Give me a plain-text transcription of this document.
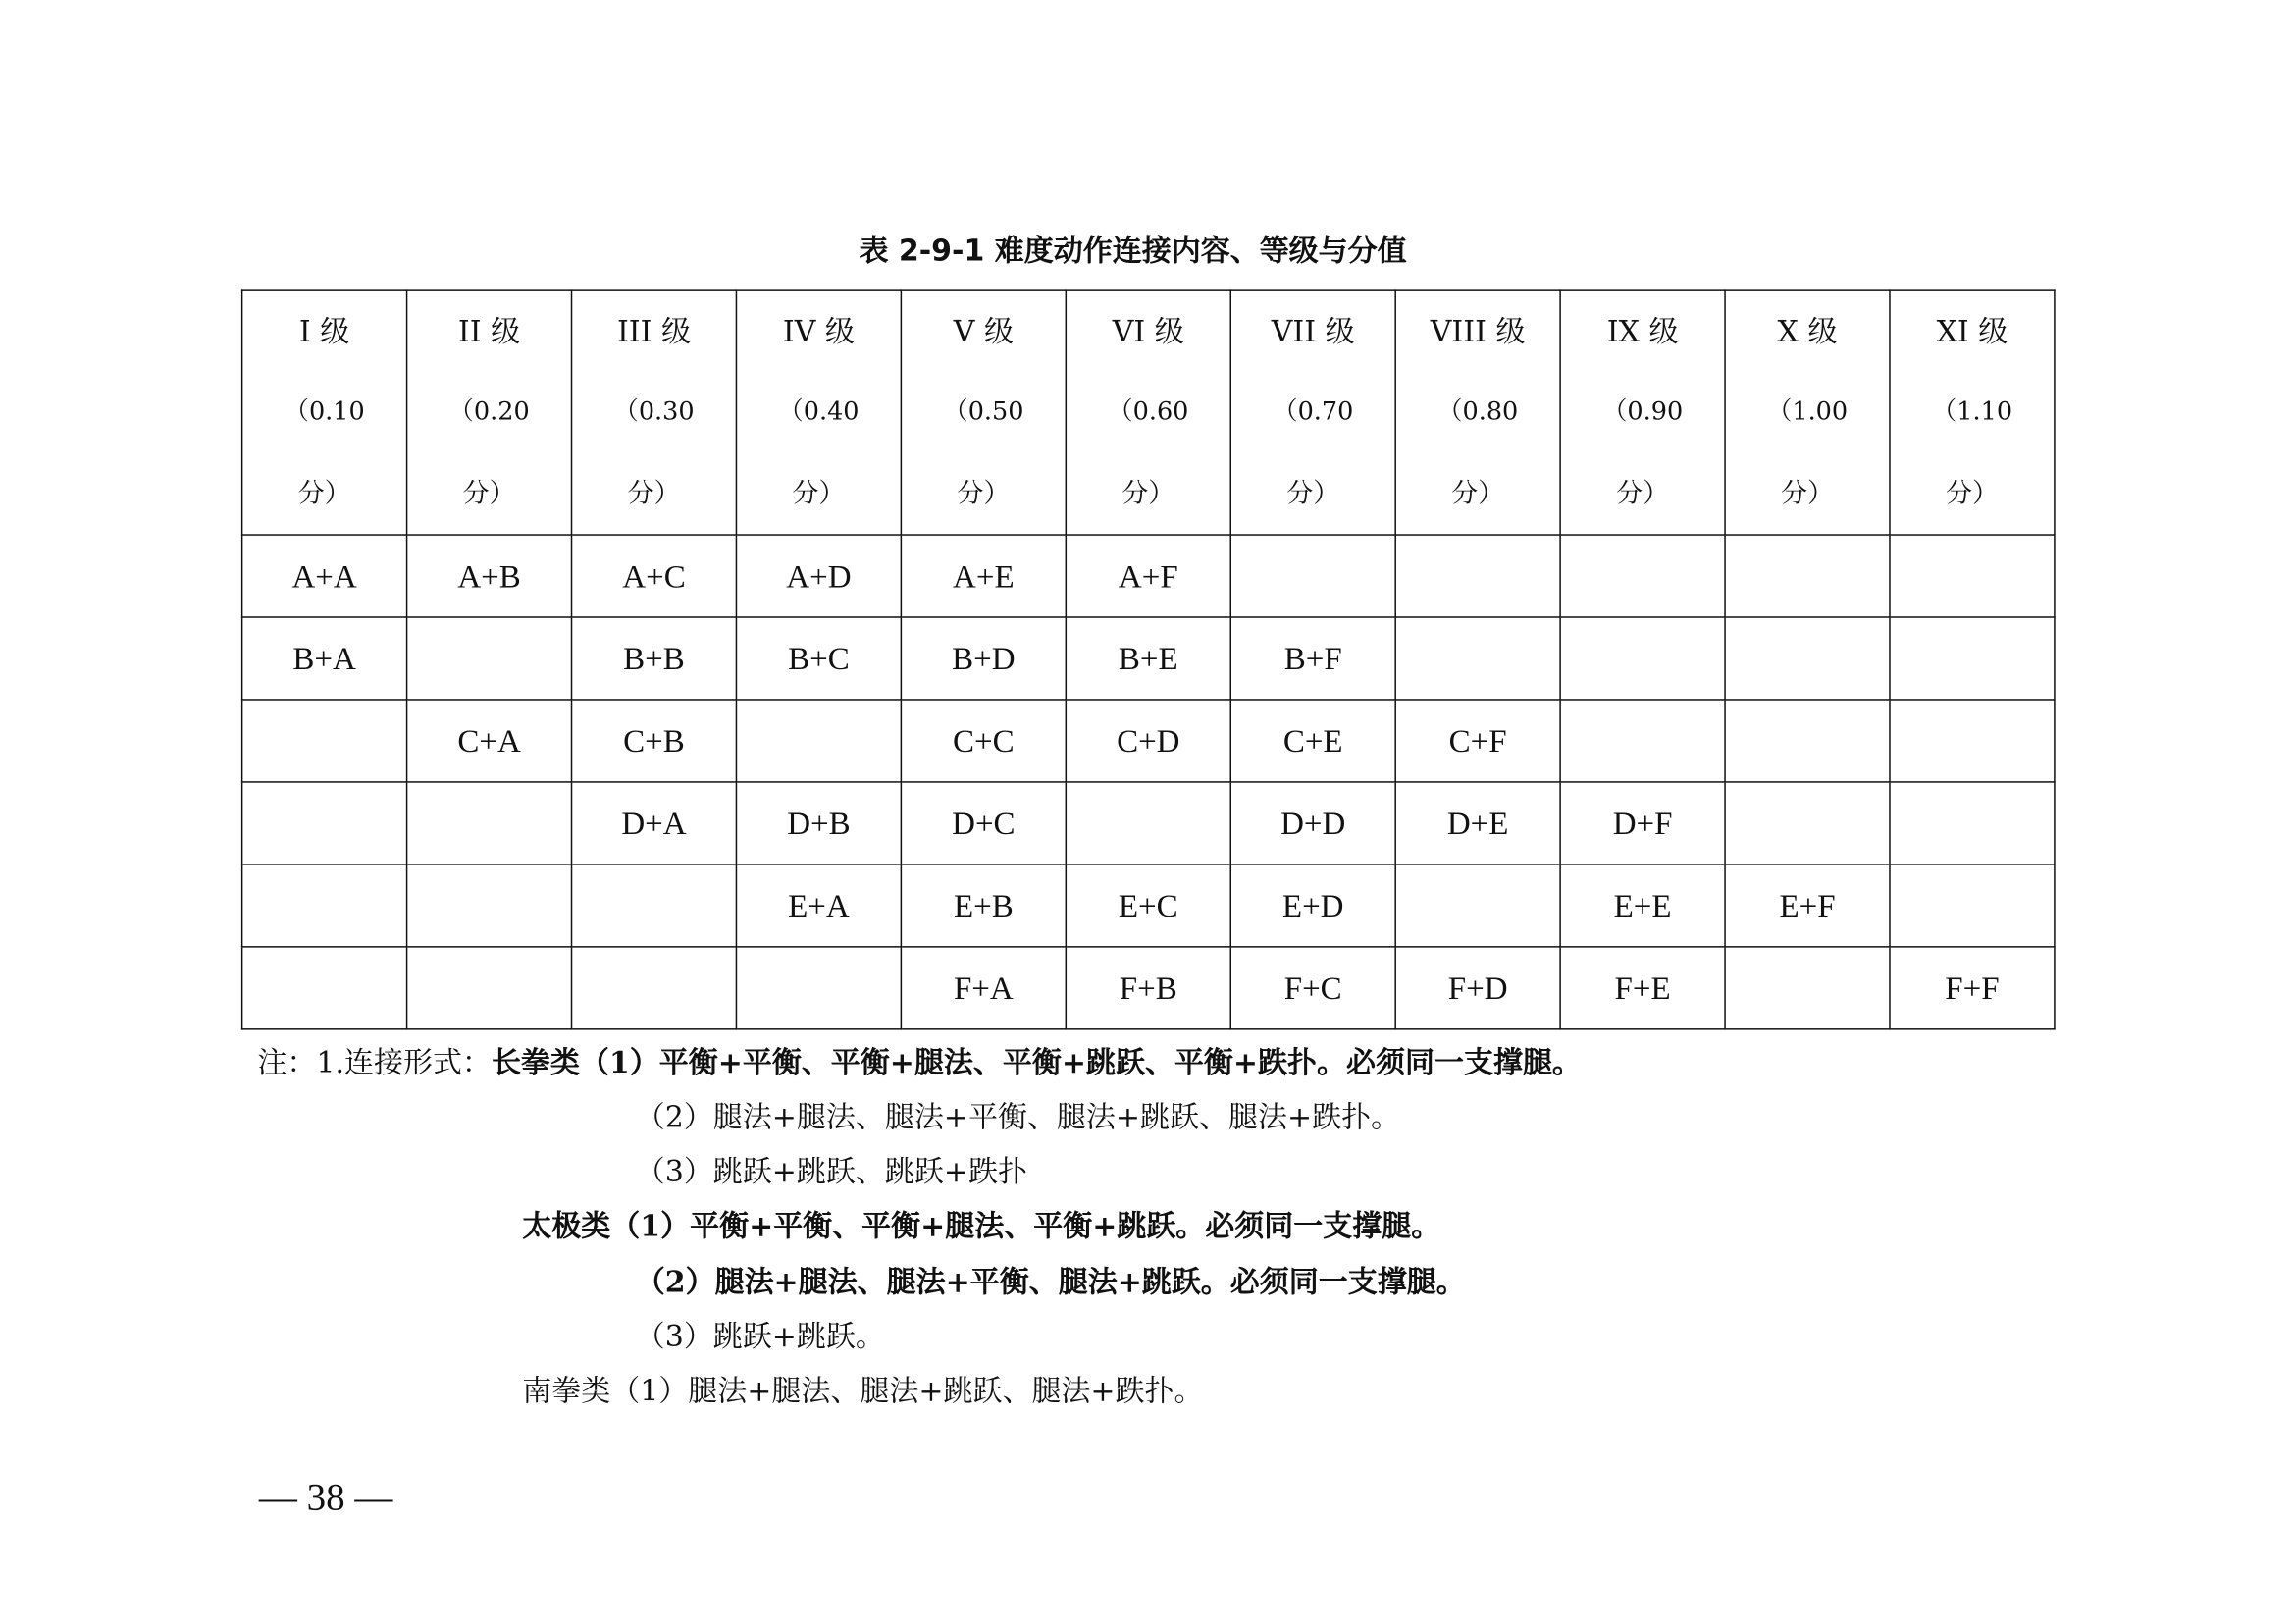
表 2-9-1 难度动作连接内容、等级与分值
I 级
（0.10
分）	II 级
（0.20
分）	III 级
（0.30
分）	IV 级
（0.40
分）	V 级
（0.50
分）	VI 级
（0.60
分）	VII 级
（0.70
分）	VIII 级
（0.80
分）	IX 级
（0.90
分）	X 级
（1.00
分）	XI 级
（1.10
分）

A+A	A+B	A+C	A+D	A+E	A+F					
B+A		B+B	B+C	B+D	B+E	B+F				
	C+A	C+B		C+C	C+D	C+E	C+F			
		D+A	D+B	D+C		D+D	D+E	D+F		
			E+A	E+B	E+C	E+D		E+E	E+F	
				F+A	F+B	F+C	F+D	F+E		F+F
注：1.连接形式：长拳类（1）平衡+平衡、平衡+腿法、平衡+跳跃、平衡+跌扑。必须同一支撑腿。
（2）腿法+腿法、腿法+平衡、腿法+跳跃、腿法+跌扑。
（3）跳跃+跳跃、跳跃+跌扑
太极类（1）平衡+平衡、平衡+腿法、平衡+跳跃。必须同一支撑腿。
（2）腿法+腿法、腿法+平衡、腿法+跳跃。必须同一支撑腿。
（3）跳跃+跳跃。
南拳类（1）腿法+腿法、腿法+跳跃、腿法+跌扑。
— 38 —
